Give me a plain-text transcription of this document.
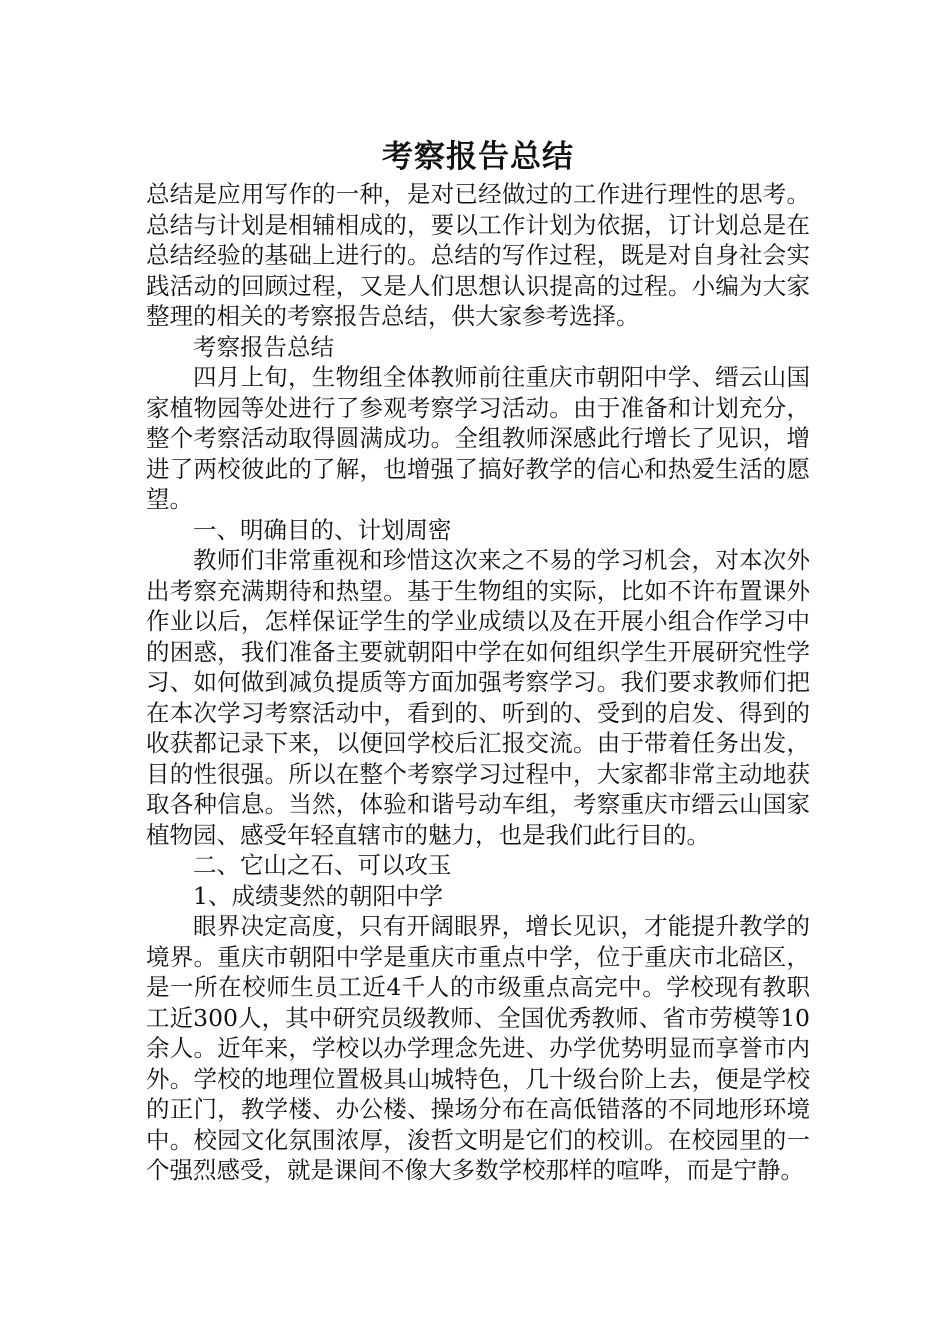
考察报告总结

总结是应用写作的一种，是对已经做过的工作进行理性的思考。总结与计划是相辅相成的，要以工作计划为依据，订计划总是在总结经验的基础上进行的。总结的写作过程，既是对自身社会实践活动的回顾过程，又是人们思想认识提高的过程。小编为大家整理的相关的考察报告总结，供大家参考选择。

考察报告总结

四月上旬，生物组全体教师前往重庆市朝阳中学、缙云山国家植物园等处进行了参观考察学习活动。由于准备和计划充分，整个考察活动取得圆满成功。全组教师深感此行增长了见识，增进了两校彼此的了解，也增强了搞好教学的信心和热爱生活的愿望。

一、明确目的、计划周密

教师们非常重视和珍惜这次来之不易的学习机会，对本次外出考察充满期待和热望。基于生物组的实际，比如不许布置课外作业以后，怎样保证学生的学业成绩以及在开展小组合作学习中的困惑，我们准备主要就朝阳中学在如何组织学生开展研究性学习、如何做到减负提质等方面加强考察学习。我们要求教师们把在本次学习考察活动中，看到的、听到的、受到的启发、得到的收获都记录下来，以便回学校后汇报交流。由于带着任务出发，目的性很强。所以在整个考察学习过程中，大家都非常主动地获取各种信息。当然，体验和谐号动车组，考察重庆市缙云山国家植物园、感受年轻直辖市的魅力，也是我们此行目的。

二、它山之石、可以攻玉

1、成绩斐然的朝阳中学

眼界决定高度，只有开阔眼界，增长见识，才能提升教学的境界。重庆市朝阳中学是重庆市重点中学，位于重庆市北碚区，是一所在校师生员工近4千人的市级重点高完中。学校现有教职工近300人，其中研究员级教师、全国优秀教师、省市劳模等10余人。近年来，学校以办学理念先进、办学优势明显而享誉市内外。学校的地理位置极具山城特色，几十级台阶上去，便是学校的正门，教学楼、办公楼、操场分布在高低错落的不同地形环境中。校园文化氛围浓厚，浚哲文明是它们的校训。在校园里的一个强烈感受，就是课间不像大多数学校那样的喧哗，而是宁静。
